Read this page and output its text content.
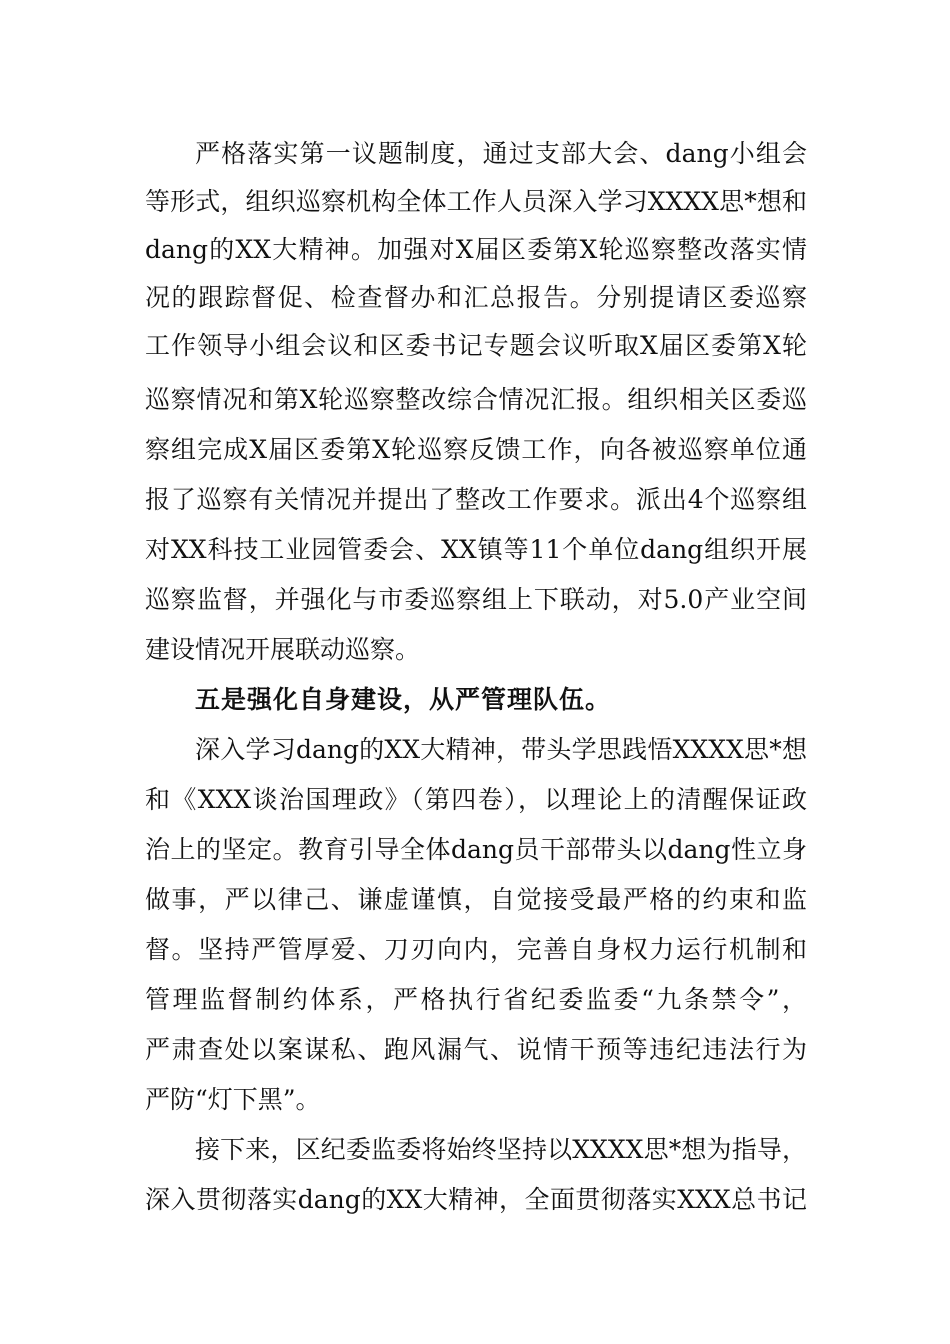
严格落实第一议题制度，通过支部大会、dang小组会
等形式，组织巡察机构全体工作人员深入学习XXXX思*想和
dang的XX大精神。加强对X届区委第X轮巡察整改落实情
况的跟踪督促、检查督办和汇总报告。分别提请区委巡察
工作领导小组会议和区委书记专题会议听取X届区委第X轮
巡察情况和第X轮巡察整改综合情况汇报。组织相关区委巡
察组完成X届区委第X轮巡察反馈工作，向各被巡察单位通
报了巡察有关情况并提出了整改工作要求。派出4个巡察组
对XX科技工业园管委会、XX镇等11个单位dang组织开展
巡察监督，并强化与市委巡察组上下联动，对5.0产业空间
建设情况开展联动巡察。
五是强化自身建设，从严管理队伍。
深入学习dang的XX大精神，带头学思践悟XXXX思*想
和《XXX谈治国理政》（第四卷），以理论上的清醒保证政
治上的坚定。教育引导全体dang员干部带头以dang性立身
做事，严以律己、谦虚谨慎，自觉接受最严格的约束和监
督。坚持严管厚爱、刀刃向内，完善自身权力运行机制和
管理监督制约体系，严格执行省纪委监委“九条禁令”，
严肃查处以案谋私、跑风漏气、说情干预等违纪违法行为
严防“灯下黑”。
接下来，区纪委监委将始终坚持以XXXX思*想为指导，
深入贯彻落实dang的XX大精神，全面贯彻落实XXX总书记
